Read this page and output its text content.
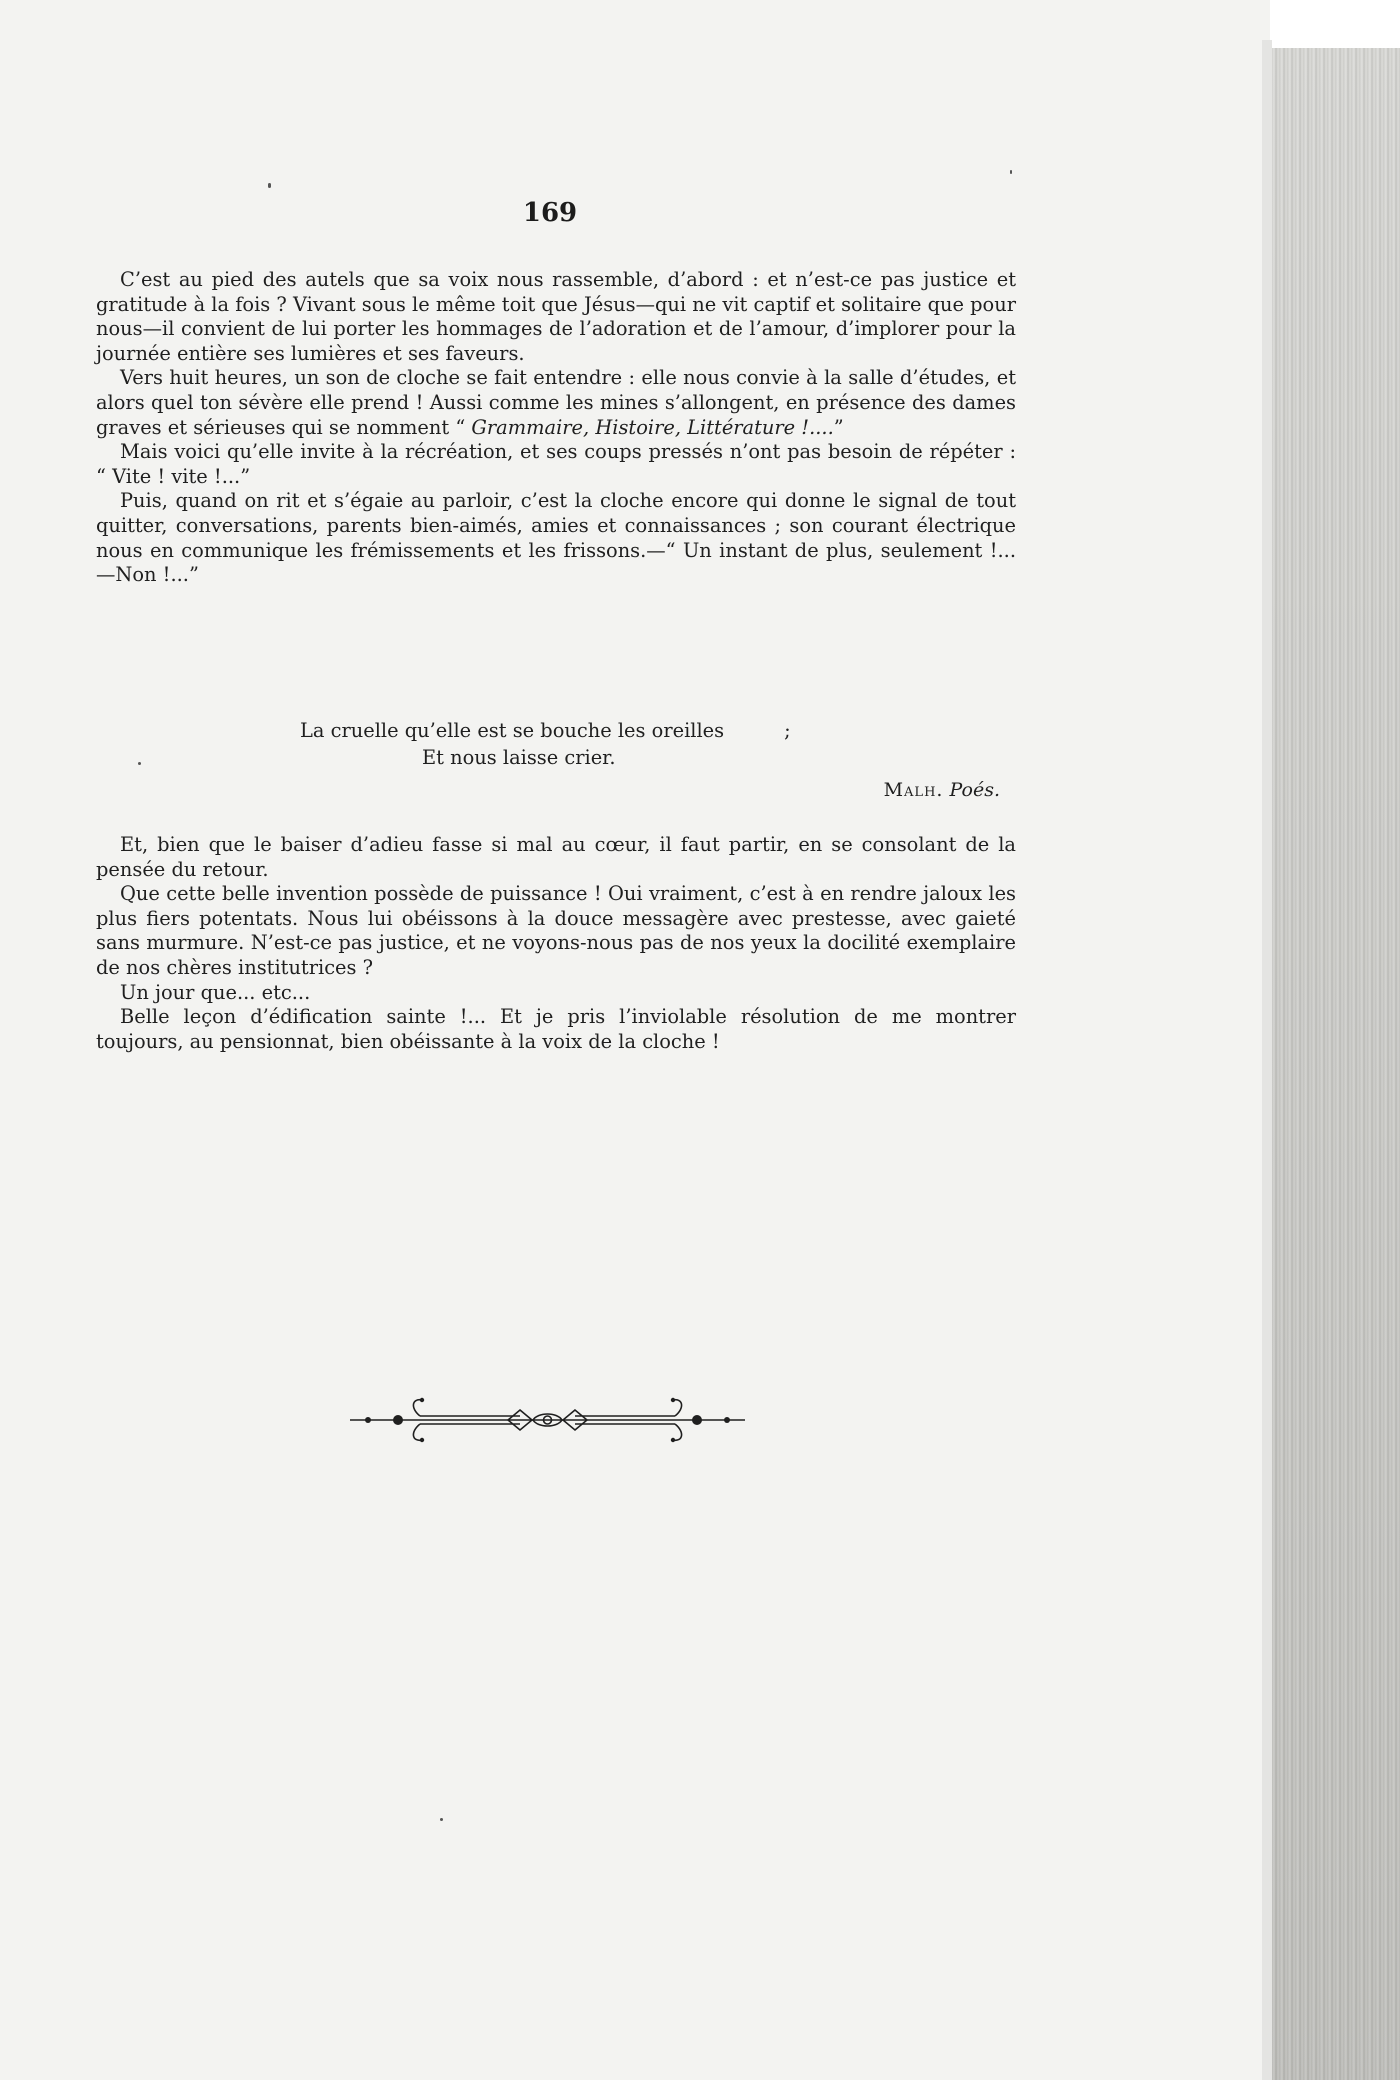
169

C’est au pied des autels que sa voix nous rassemble, d’abord : et n’est-ce pas justice et gratitude à la fois ? Vivant sous le même toit que Jésus—qui ne vit captif et solitaire que pour nous—il convient de lui porter les hommages de l’adoration et de l’amour, d’implorer pour la journée entière ses lumières et ses faveurs.

Vers huit heures, un son de cloche se fait entendre : elle nous convie à la salle d’études, et alors quel ton sévère elle prend ! Aussi comme les mines s’allongent, en présence des dames graves et sérieuses qui se nomment “ Grammaire, Histoire, Littérature !....”

Mais voici qu’elle invite à la récréation, et ses coups pressés n’ont pas besoin de répéter : “ Vite ! vite !...”

Puis, quand on rit et s’égaie au parloir, c’est la cloche encore qui donne le signal de tout quitter, conversations, parents bien-aimés, amies et connaissances ; son courant électrique nous en communique les frémissements et les frissons.—“ Un instant de plus, seulement !...—Non !...”

La cruelle qu’elle est se bouche les oreilles	;
Et nous laisse crier.
Malh. Poés.

Et, bien que le baiser d’adieu fasse si mal au cœur, il faut partir, en se consolant de la pensée du retour.

Que cette belle invention possède de puissance ! Oui vraiment, c’est à en rendre jaloux les plus fiers potentats. Nous lui obéissons à la douce messagère avec prestesse, avec gaieté sans murmure. N’est-ce pas justice, et ne voyons-nous pas de nos yeux la docilité exemplaire de nos chères institutrices ?

Un jour que... etc...

Belle leçon d’édification sainte !... Et je pris l’inviolable résolution de me montrer toujours, au pensionnat, bien obéissante à la voix de la cloche !
